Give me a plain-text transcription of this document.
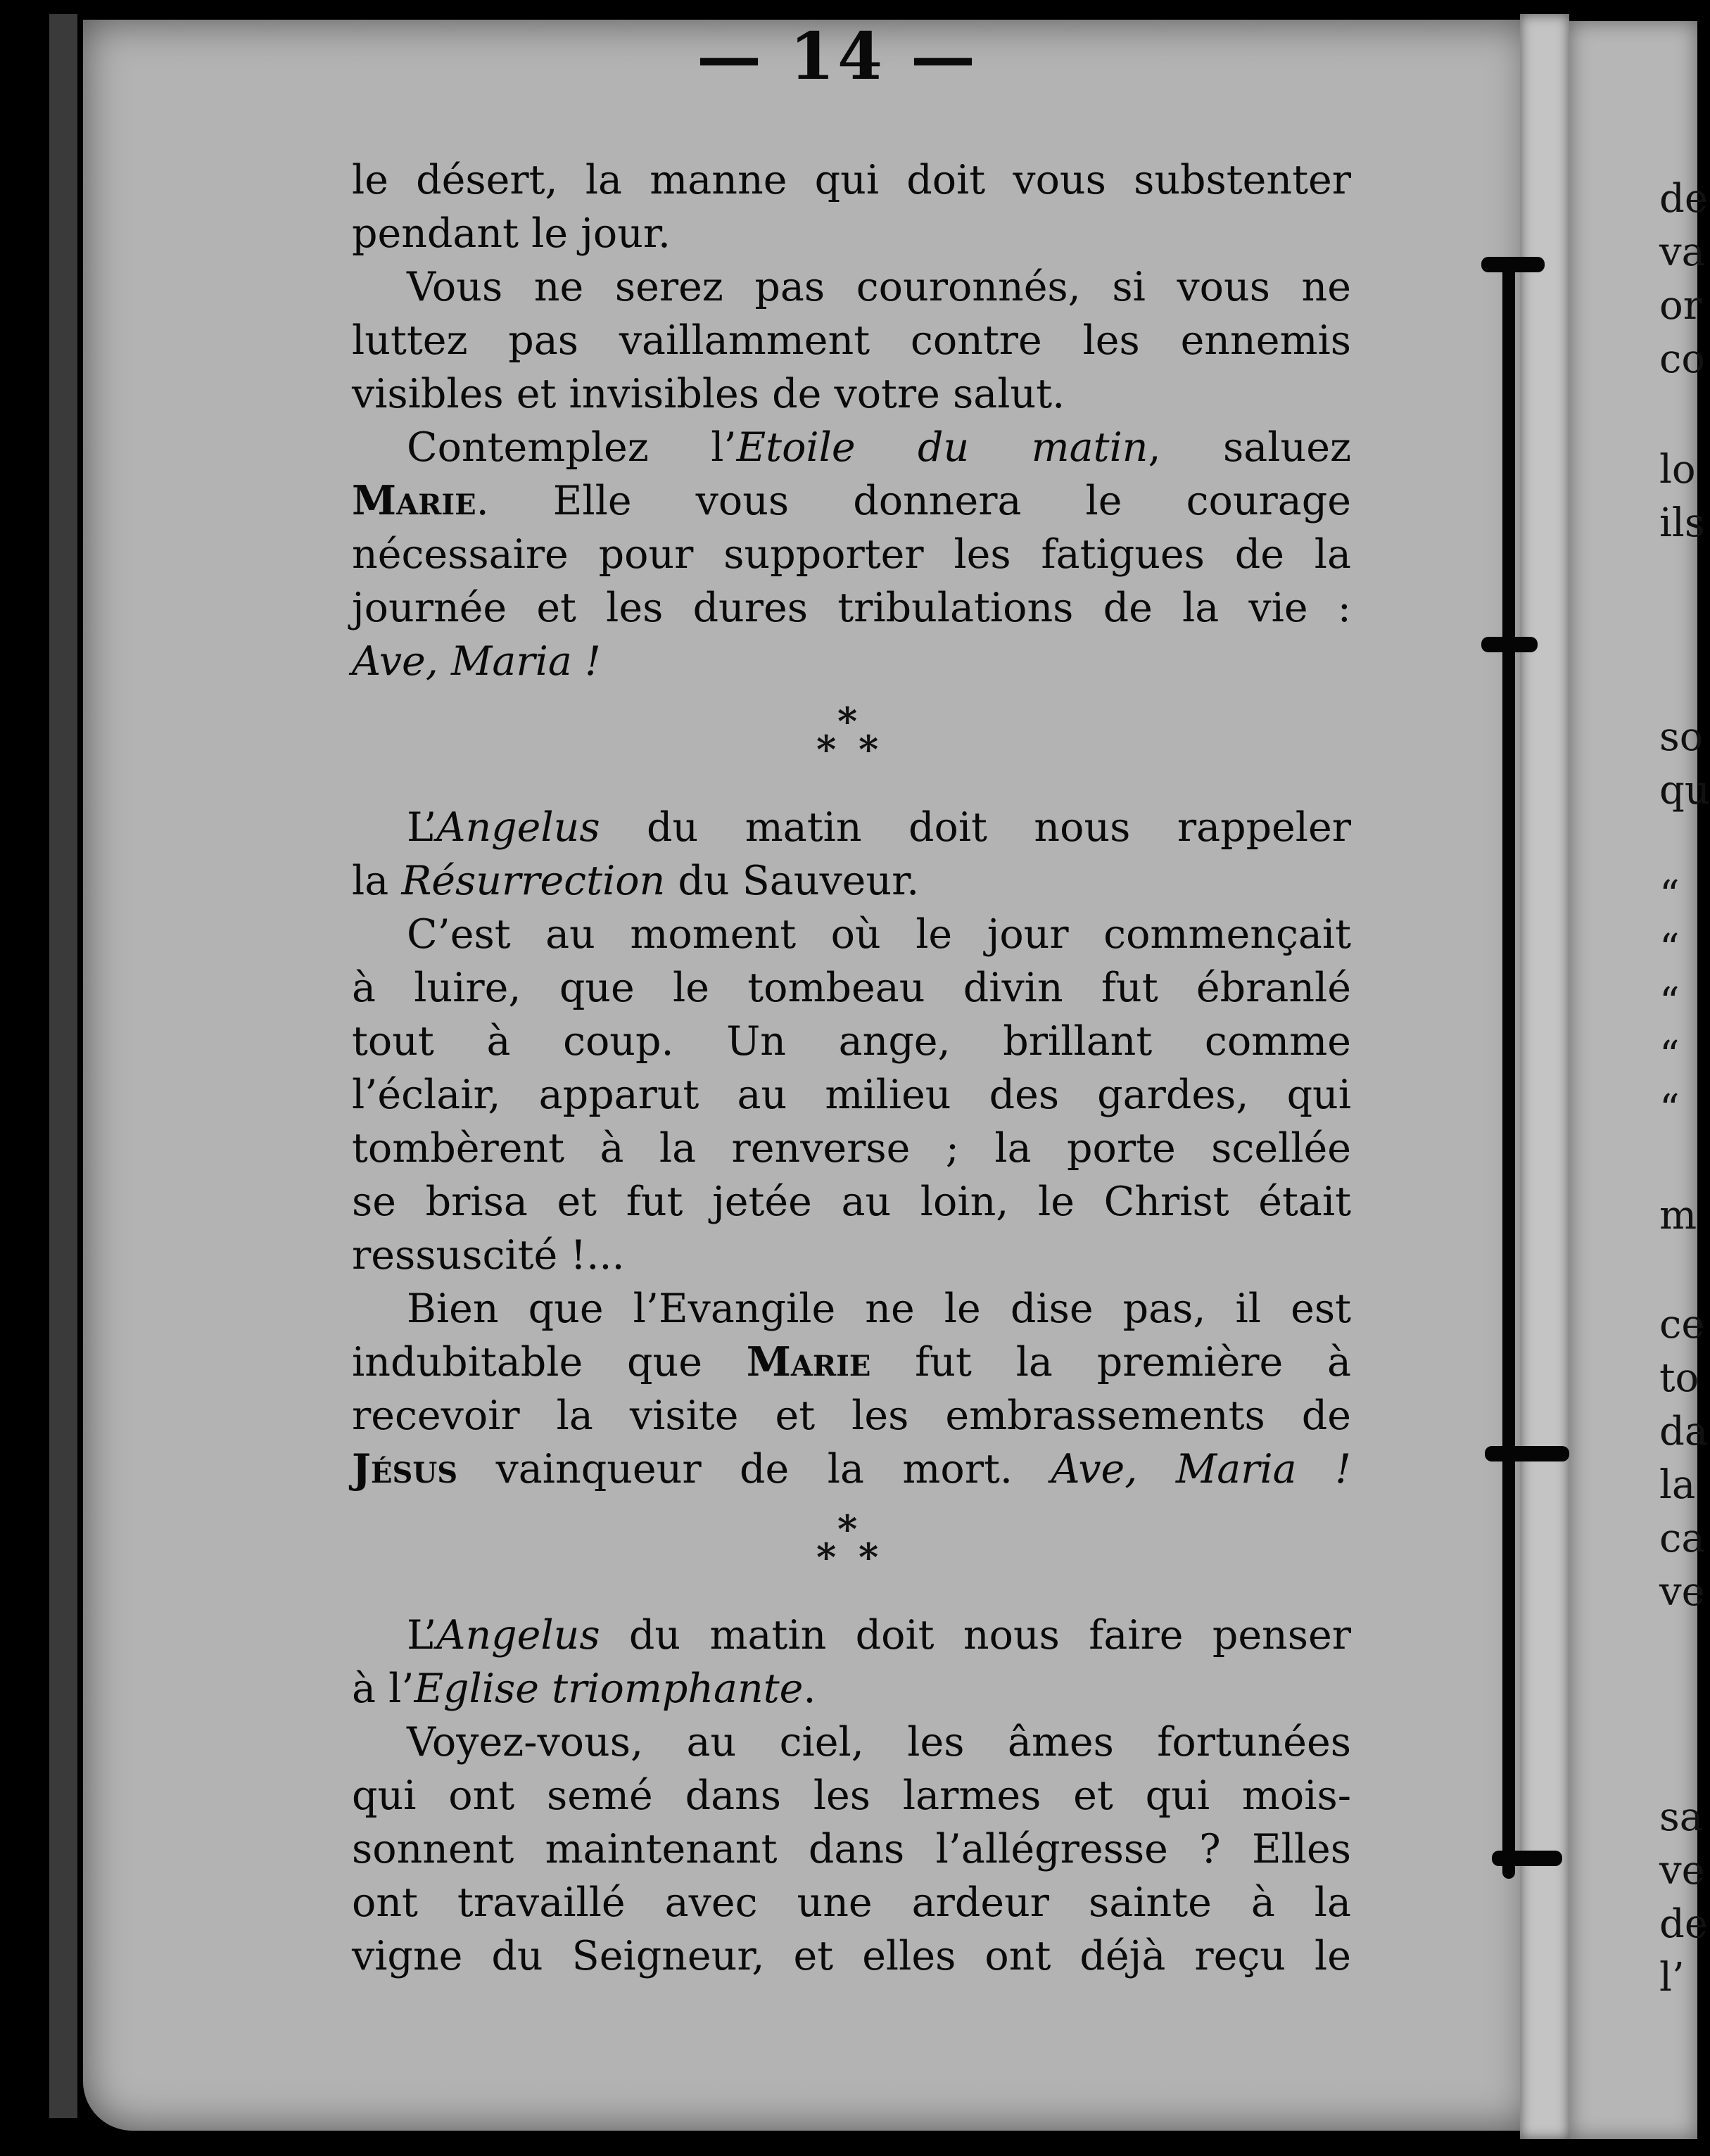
— 14 —
le désert, la manne qui doit vous substenter
pendant le jour.
Vous ne serez pas couronnés, si vous ne
luttez pas vaillamment contre les ennemis
visibles et invisibles de votre salut.
Contemplez l’Etoile du matin, saluez
Marie. Elle vous donnera le courage
nécessaire pour supporter les fatigues de la
journée et les dures tribulations de la vie :
Ave, Maria !
*
* *
L’Angelus du matin doit nous rappeler
la Résurrection du Sauveur.
C’est au moment où le jour commençait
à luire, que le tombeau divin fut ébranlé
tout à coup. Un ange, brillant comme
l’éclair, apparut au milieu des gardes, qui
tombèrent à la renverse ; la porte scellée
se brisa et fut jetée au loin, le Christ était
ressuscité !...
Bien que l’Evangile ne le dise pas, il est
indubitable que Marie fut la première à
recevoir la visite et les embrassements de
Jésus vainqueur de la mort. Ave, Maria !
*
* *
L’Angelus du matin doit nous faire penser
à l’Eglise triomphante.
Voyez-vous, au ciel, les âmes fortunées
qui ont semé dans les larmes et qui mois-
sonnent maintenant dans l’allégresse ? Elles
ont travaillé avec une ardeur sainte à la
vigne du Seigneur, et elles ont déjà reçu le
de
va
or
co
lo
ils
so
qu
“
“
“
“
“
m
ce
to
da
la
ca
ve
sa
ve
de
l’
